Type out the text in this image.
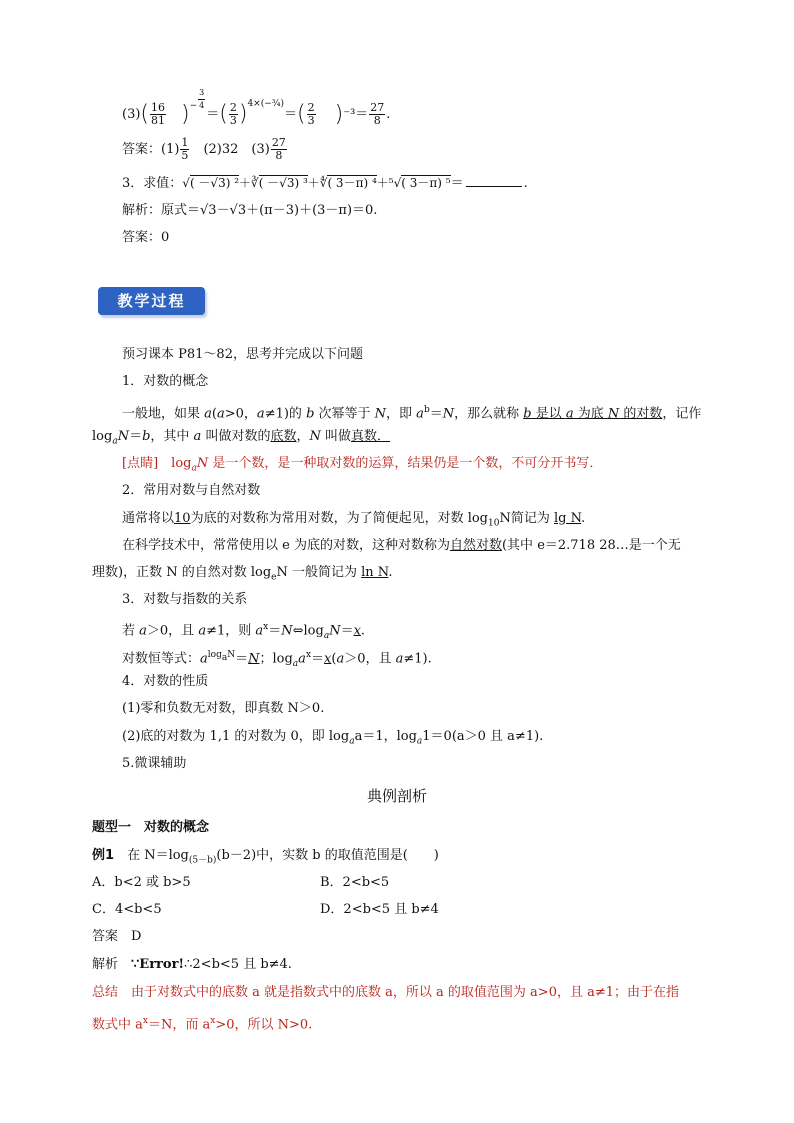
$(3)( \frac{16}{81} )^{- \frac{3}{4}}$
＝( $\frac{2}{3} )^{4\times(-\frac{3}{4})}=( \frac{2}{3} )^{-3}= \frac{27}{8}$ .
答案：$(1) \frac{1}{5}$
　 (2)32　$(3) \frac{27}{8}$
3．求值：√( －√3) ²＋∛( －√3) ³＋∜( 3－π) ⁴＋⁵√( 3－π) ⁵＝	.
解析：原式＝√3－√3＋(π－3)＋(3－π)＝0.
答案：0
教学过程
预习课本 P81～82，思考并完成以下问题
1．对数的概念
一般地，如果 a(a>0，a≠1)的 b 次幂等于 N，即 $a^b=N$，那么就称 b 是以 a 为底 N 的对数，记作
$\log_aN=b$，其中 a 叫做对数的底数，N 叫做真数．
[点睛]　$\log_aN$ 是一个数，是一种取对数的运算，结果仍是一个数，不可分开书写．
2．常用对数与自然对数
通常将以10为底的对数称为常用对数，为了简便起见，对数 $\log_{10}N$简记为 lg N.
在科学技术中，常常使用以 e 为底的对数，这种对数称为自然对数(其中 e＝2.718 28…是一个无
理数)，正数 N 的自然对数 $\log_eN$ 一般简记为 ln N.
3．对数与指数的关系
若 a＞0，且 a≠1，则 $a^x=N\Leftrightarrow\log_aN=x$.
对数恒等式：$a^{log_aN}=N$；$\log_aa^x=x(a>0$，且 a≠1).
4．对数的性质
(1)零和负数无对数，即真数 N＞0.
(2)底的对数为 1,1 的对数为 0，即 $\log_aa=1$，$\log_a1=0(a>0$ 且 a≠1).
5.微课辅助
典例剖析
题型一　对数的概念
例1　 在 $N=\log_{(5-b)}(b-2)$中，实数 b 的取值范围是(　　)
A．b<2 或 b>5	B．2<b<5
C．4<b<5	D．2<b<5 且 b≠4
答案　D
解析　 ∵Error!∴2<b<5 且 b≠4.
总结　由于对数式中的底数 a 就是指数式中的底数 a，所以 a 的取值范围为 a>0，且 a≠1；由于在指
数式中 $a^x=N$，而 $a^x>0$，所以 N>0.
